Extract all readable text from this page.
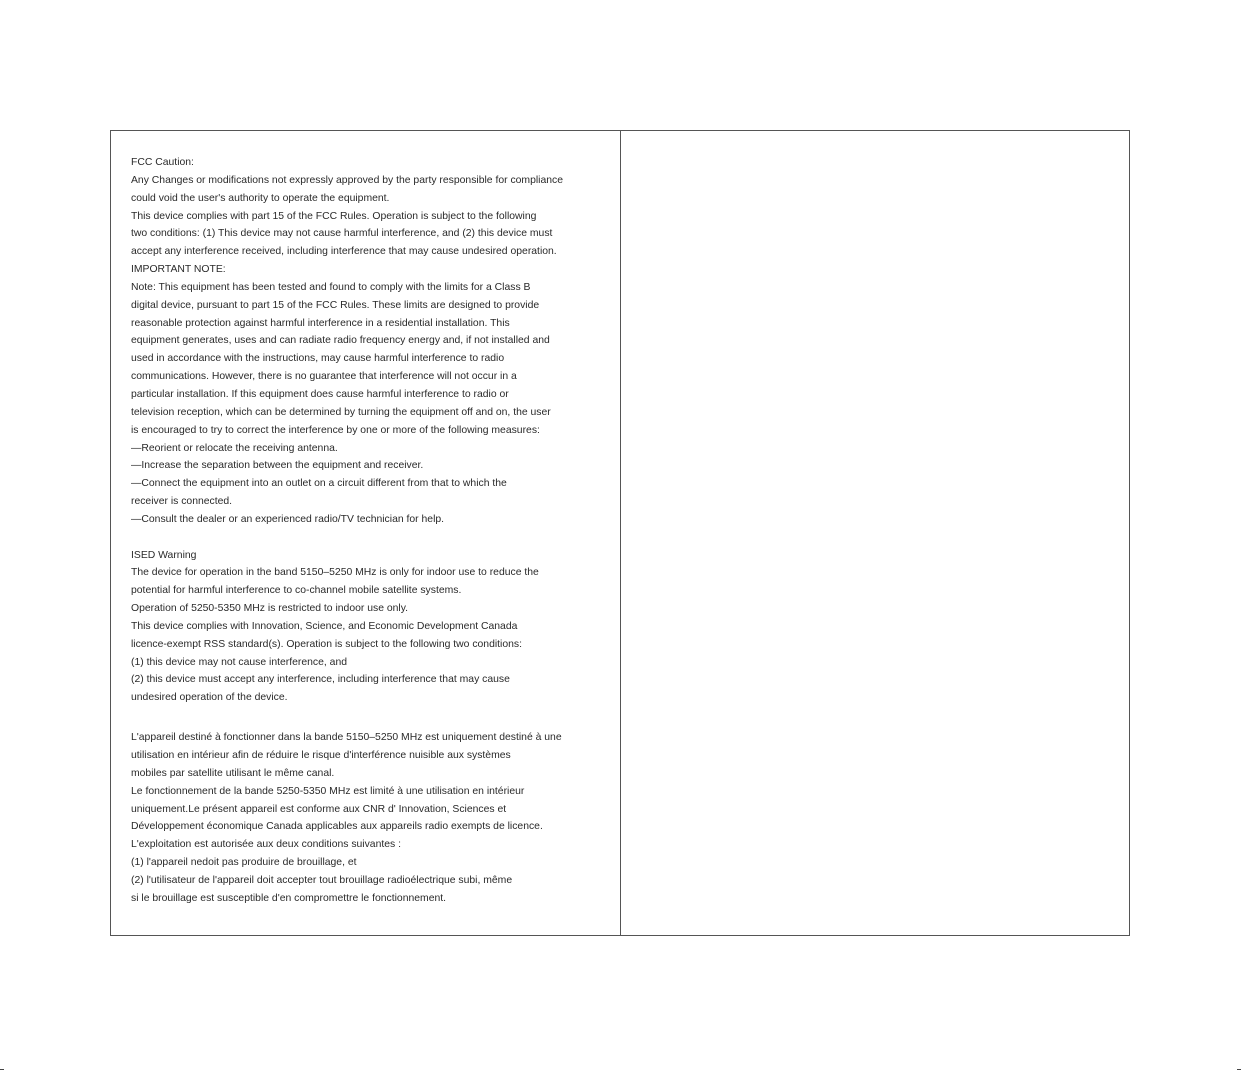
FCC Caution:
Any Changes or modifications not expressly approved by the party responsible for compliance
could void the user's authority to operate the equipment.
This device complies with part 15 of the FCC Rules. Operation is subject to the following
two conditions: (1) This device may not cause harmful interference, and (2) this device must
accept any interference received, including interference that may cause undesired operation.
IMPORTANT NOTE:
Note: This equipment has been tested and found to comply with the limits for a Class B
digital device, pursuant to part 15 of the FCC Rules. These limits are designed to provide
reasonable protection against harmful interference in a residential installation. This
equipment generates, uses and can radiate radio frequency energy and, if not installed and
used in accordance with the instructions, may cause harmful interference to radio
communications. However, there is no guarantee that interference will not occur in a
particular installation. If this equipment does cause harmful interference to radio or
television reception, which can be determined by turning the equipment off and on, the user
is encouraged to try to correct the interference by one or more of the following measures:
—Reorient or relocate the receiving antenna.
—Increase the separation between the equipment and receiver.
—Connect the equipment into an outlet on a circuit different from that to which the
receiver is connected.
—Consult the dealer or an experienced radio/TV technician for help.
ISED Warning
The device for operation in the band 5150–5250 MHz is only for indoor use to reduce the
potential for harmful interference to co-channel mobile satellite systems.
Operation of 5250-5350 MHz is restricted to indoor use only.
This device complies with Innovation, Science, and Economic Development Canada
licence-exempt RSS standard(s). Operation is subject to the following two conditions:
(1) this device may not cause interference, and
(2) this device must accept any interference, including interference that may cause
undesired operation of the device.
L'appareil destiné à fonctionner dans la bande 5150–5250 MHz est uniquement destiné à une
utilisation en intérieur afin de réduire le risque d'interférence nuisible aux systèmes
mobiles par satellite utilisant le même canal.
Le fonctionnement de la bande 5250-5350 MHz est limité à une utilisation en intérieur
uniquement.Le présent appareil est conforme aux CNR d' Innovation, Sciences et
Développement économique Canada applicables aux appareils radio exempts de licence.
L'exploitation est autorisée aux deux conditions suivantes :
(1) l'appareil nedoit pas produire de brouillage, et
(2) l'utilisateur de l'appareil doit accepter tout brouillage radioélectrique subi, même
si le brouillage est susceptible d'en compromettre le fonctionnement.
